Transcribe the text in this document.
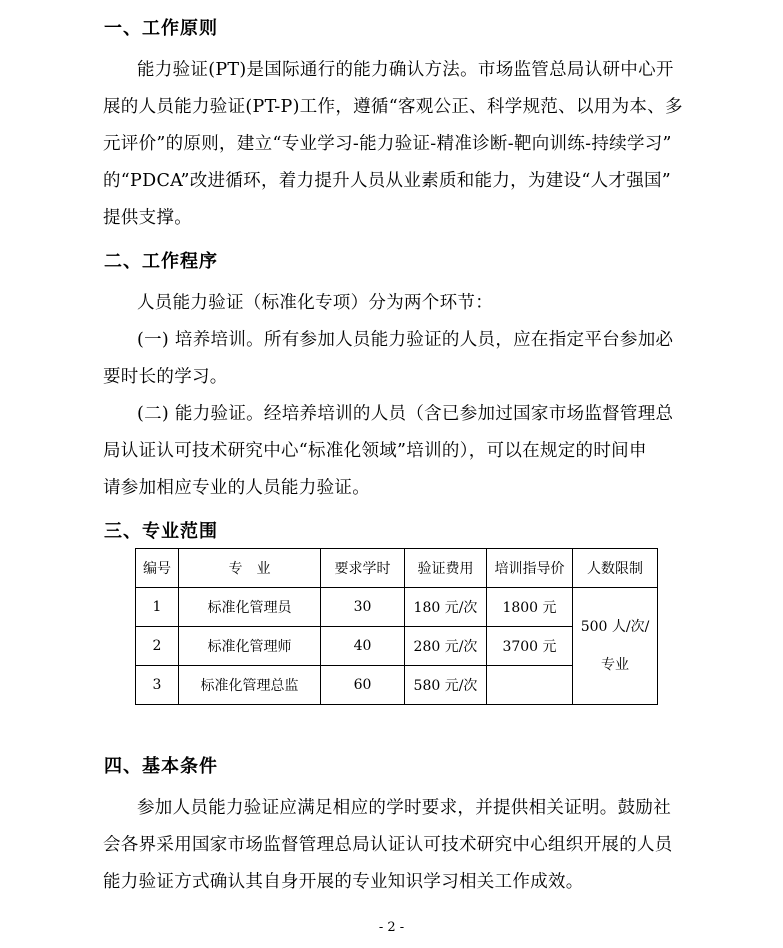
一、工作原则
能力验证(PT)是国际通行的能力确认方法。市场监管总局认研中心开
展的人员能力验证(PT-P)工作，遵循“客观公正、科学规范、以用为本、多
元评价”的原则，建立“专业学习-能力验证-精准诊断-靶向训练-持续学习”
的“PDCA”改进循环，着力提升人员从业素质和能力，为建设“人才强国”
提供支撑。
二、工作程序
人员能力验证（标准化专项）分为两个环节：
(一) 培养培训。所有参加人员能力验证的人员，应在指定平台参加必
要时长的学习。
(二) 能力验证。经培养培训的人员（含已参加过国家市场监督管理总
局认证认可技术研究中心“标准化领域”培训的），可以在规定的时间申
请参加相应专业的人员能力验证。
三、专业范围
编号	专　业	要求学时	验证费用	培训指导价	人数限制
1	标准化管理员	30	180 元/次	1800 元	500 人/次/
专业

2	标准化管理师	40	280 元/次	3700 元	
3	标准化管理总监	60	580 元/次		
四、基本条件
参加人员能力验证应满足相应的学时要求，并提供相关证明。鼓励社
会各界采用国家市场监督管理总局认证认可技术研究中心组织开展的人员
能力验证方式确认其自身开展的专业知识学习相关工作成效。
- 2 -
